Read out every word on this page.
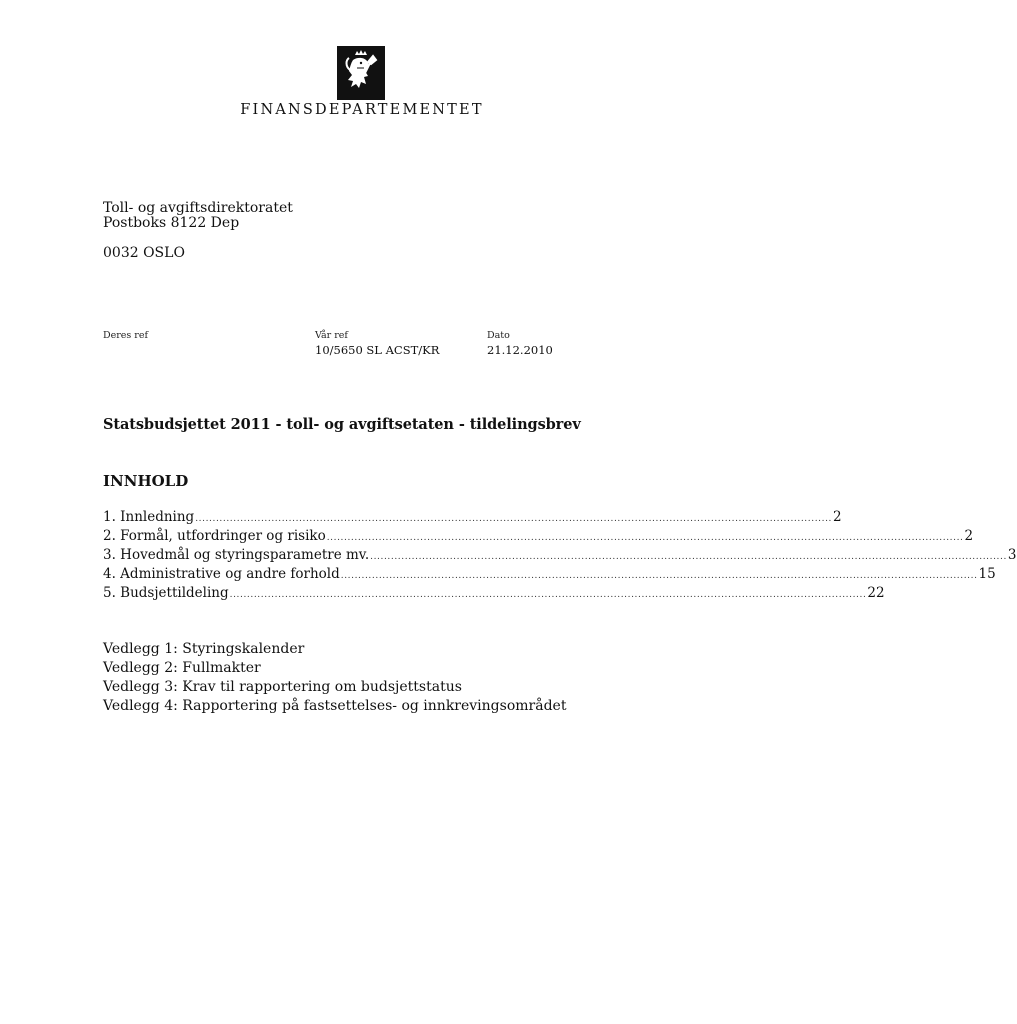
FINANSDEPARTEMENTET
Toll- og avgiftsdirektoratet
Postboks 8122 Dep
0032 OSLO
Deres ref	Vår ref
10/5650 SL ACST/KR
Dato
21.12.2010
Statsbudsjettet 2011 - toll- og avgiftsetaten - tildelingsbrev
INNHOLD
1. Innledning ........................................................................................................................................................................................ 2
2. Formål, utfordringer og risiko ........................................................................................................................................................................................ 2
3. Hovedmål og styringsparametre mv. ........................................................................................................................................................................................ 3
4. Administrative og andre forhold ........................................................................................................................................................................................ 15
5. Budsjettildeling ........................................................................................................................................................................................ 22
Vedlegg 1: Styringskalender
Vedlegg 2: Fullmakter
Vedlegg 3: Krav til rapportering om budsjettstatus
Vedlegg 4: Rapportering på fastsettelses- og innkrevingsområdet
